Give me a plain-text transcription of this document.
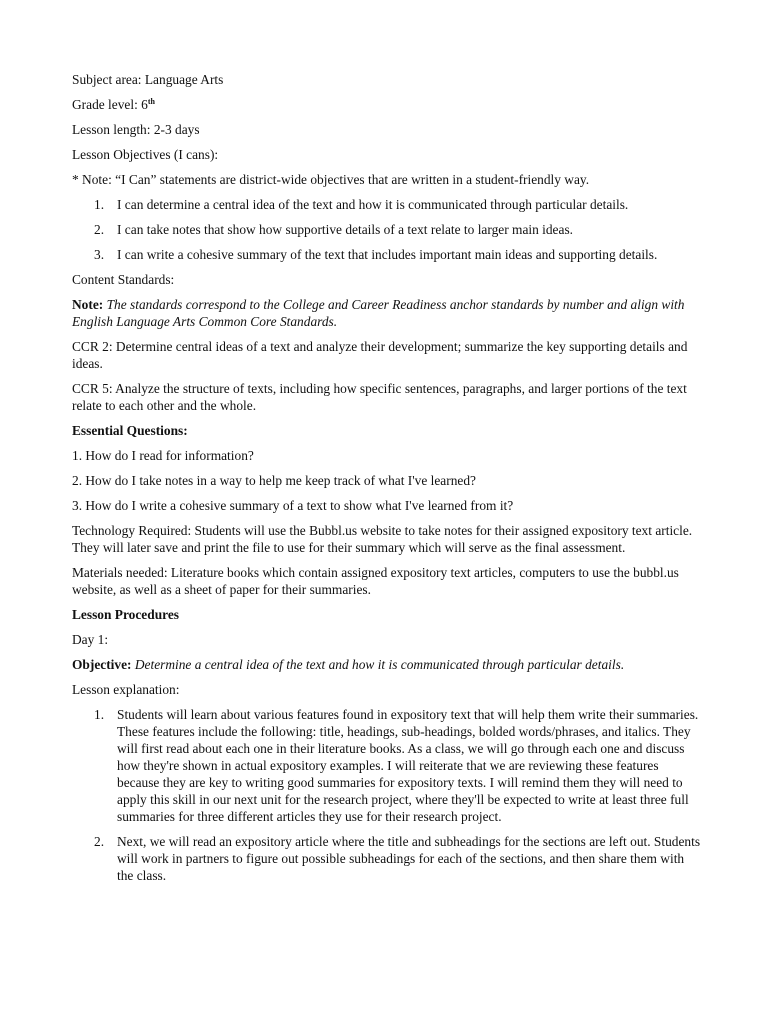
Subject area: Language Arts

Grade level: 6th

Lesson length: 2-3 days

Lesson Objectives (I cans):

* Note: “I Can” statements are district-wide objectives that are written in a student-friendly way.

1. I can determine a central idea of the text and how it is communicated through particular details.
2. I can take notes that show how supportive details of a text relate to larger main ideas.
3. I can write a cohesive summary of the text that includes important main ideas and supporting details.

Content Standards:

Note: The standards correspond to the College and Career Readiness anchor standards by number and align with English Language Arts Common Core Standards.

CCR 2: Determine central ideas of a text and analyze their development; summarize the key supporting details and ideas.

CCR 5: Analyze the structure of texts, including how specific sentences, paragraphs, and larger portions of the text relate to each other and the whole.

Essential Questions:

1. How do I read for information?

2. How do I take notes in a way to help me keep track of what I've learned?

3. How do I write a cohesive summary of a text to show what I've learned from it?

Technology Required: Students will use the Bubbl.us website to take notes for their assigned expository text article. They will later save and print the file to use for their summary which will serve as the final assessment.

Materials needed: Literature books which contain assigned expository text articles, computers to use the bubbl.us website, as well as a sheet of paper for their summaries.

Lesson Procedures

Day 1:

Objective: Determine a central idea of the text and how it is communicated through particular details.

Lesson explanation:

1. Students will learn about various features found in expository text that will help them write their summaries. These features include the following: title, headings, sub-headings, bolded words/phrases, and italics. They will first read about each one in their literature books. As a class, we will go through each one and discuss how they're shown in actual expository examples. I will reiterate that we are reviewing these features because they are key to writing good summaries for expository texts. I will remind them they will need to apply this skill in our next unit for the research project, where they'll be expected to write at least three full summaries for three different articles they use for their research project.
2. Next, we will read an expository article where the title and subheadings for the sections are left out. Students will work in partners to figure out possible subheadings for each of the sections, and then share them with the class.
